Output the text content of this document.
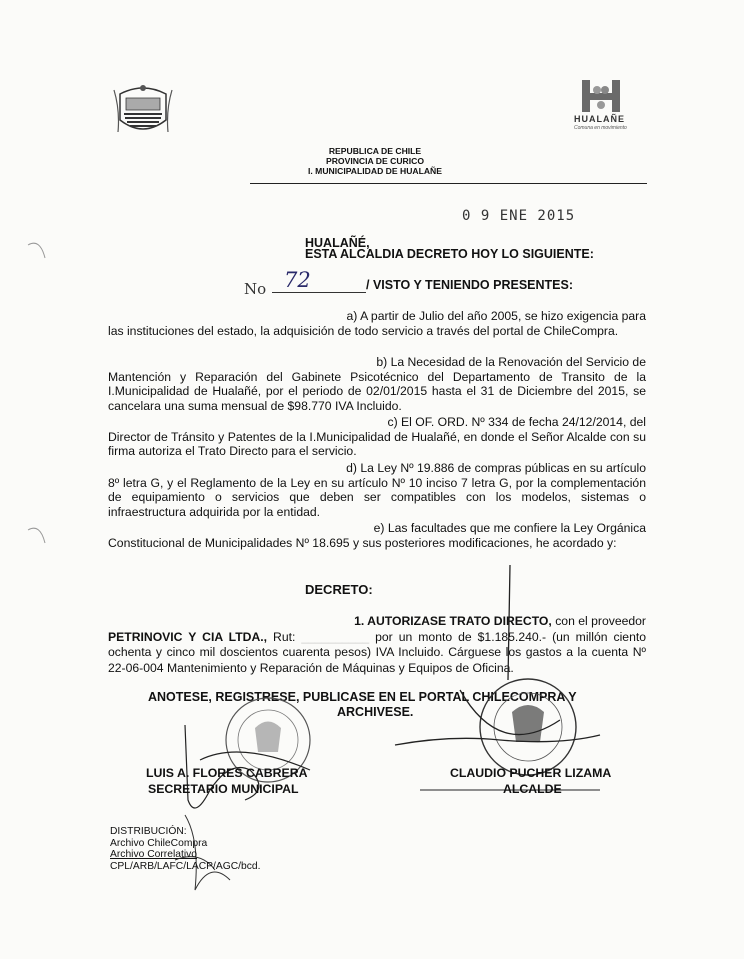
HUALAÑE
Comuna en movimiento
REPUBLICA DE CHILE
PROVINCIA DE CURICO
I. MUNICIPALIDAD DE HUALAÑE
0 9 ENE 2015
HUALAÑÉ,
ESTA ALCALDIA DECRETO HOY LO SIGUIENTE:
No 72	/ VISTO Y TENIENDO PRESENTES:
a) A partir de Julio del año 2005, se hizo exigencia para
las instituciones del estado, la adquisición de todo servicio a través del portal de ChileCompra.
b) La Necesidad de la Renovación del Servicio de
Mantención y Reparación del Gabinete Psicotécnico del Departamento de Transito de la I.Municipalidad de Hualañé, por el periodo de 02/01/2015 hasta el 31 de Diciembre del 2015, se cancelara una suma mensual de $98.770 IVA Incluido.
c) El OF. ORD. Nº 334 de fecha 24/12/2014, del
Director de Tránsito y Patentes de la I.Municipalidad de Hualañé, en donde el Señor Alcalde con su firma autoriza el Trato Directo para el servicio.
d) La Ley Nº 19.886 de compras públicas en su artículo
8º letra G, y el Reglamento de la Ley en su artículo Nº 10 inciso 7 letra G, por la complementación de equipamiento o servicios que deben ser compatibles con los modelos, sistemas o infraestructura adquirida por la entidad.
e) Las facultades que me confiere la Ley Orgánica
Constitucional de Municipalidades Nº 18.695 y sus posteriores modificaciones, he acordado y:
DECRETO:
1. AUTORIZASE TRATO DIRECTO, con el proveedor
PETRINOVIC Y CIA LTDA., Rut: __________ por un monto de $1.185.240.- (un millón ciento ochenta y cinco mil doscientos cuarenta pesos) IVA Incluido. Cárguese los gastos a la cuenta Nº 22-06-004 Mantenimiento y Reparación de Máquinas y Equipos de Oficina.
ANOTESE, REGISTRESE, PUBLICASE EN EL PORTAL CHILECOMPRA Y
ARCHIVESE.
LUIS A. FLORES CABRERA
SECRETARIO MUNICIPAL
CLAUDIO PUCHER LIZAMA
ALCALDE
DISTRIBUCIÓN:
Archivo ChileCompra
Archivo Correlativo
CPL/ARB/LAFC/LACP/AGC/bcd.
